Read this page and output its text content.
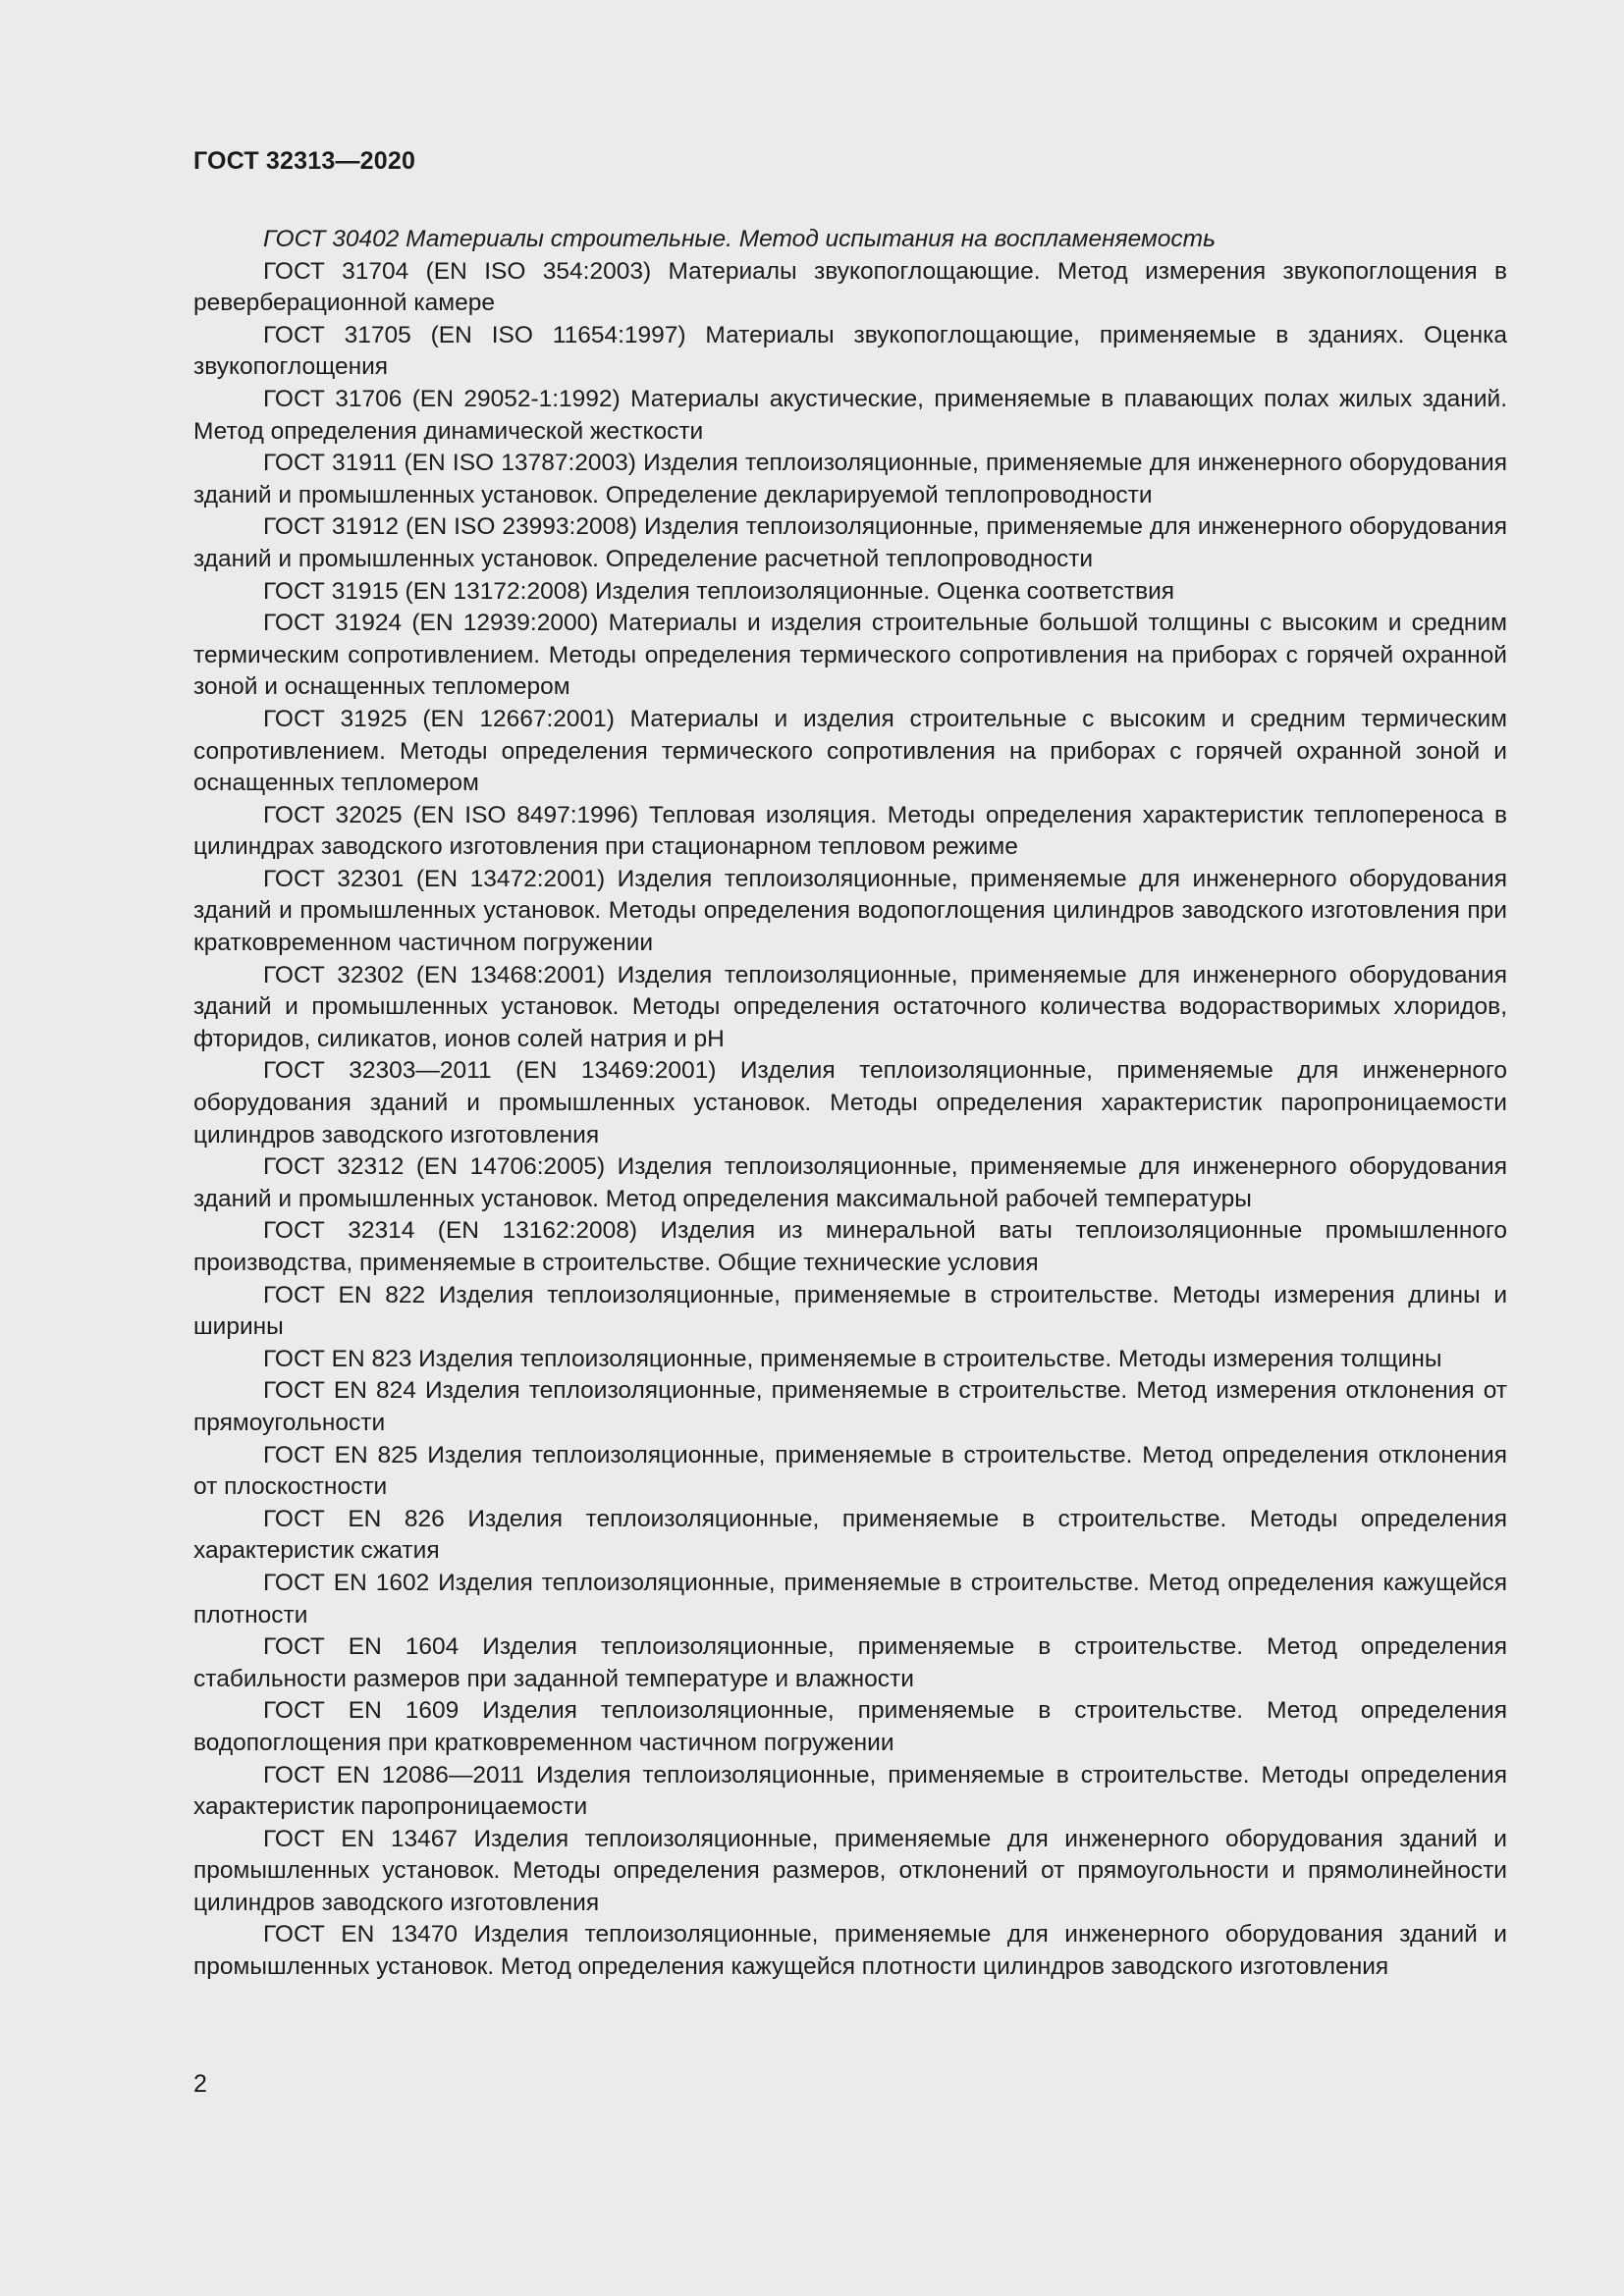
ГОСТ 32313—2020
ГОСТ 30402 Материалы строительные. Метод испытания на воспламеняемость
ГОСТ 31704 (EN ISO 354:2003) Материалы звукопоглощающие. Метод измерения звукопоглощения в реверберационной камере
ГОСТ 31705 (EN ISO 11654:1997) Материалы звукопоглощающие, применяемые в зданиях. Оценка звукопоглощения
ГОСТ 31706 (EN 29052-1:1992) Материалы акустические, применяемые в плавающих полах жилых зданий. Метод определения динамической жесткости
ГОСТ 31911 (EN ISO 13787:2003) Изделия теплоизоляционные, применяемые для инженерного оборудования зданий и промышленных установок. Определение декларируемой теплопроводности
ГОСТ 31912 (EN ISO 23993:2008) Изделия теплоизоляционные, применяемые для инженерного оборудования зданий и промышленных установок. Определение расчетной теплопроводности
ГОСТ 31915 (EN 13172:2008) Изделия теплоизоляционные. Оценка соответствия
ГОСТ 31924 (EN 12939:2000) Материалы и изделия строительные большой толщины с высоким и средним термическим сопротивлением. Методы определения термического сопротивления на приборах с горячей охранной зоной и оснащенных тепломером
ГОСТ 31925 (EN 12667:2001) Материалы и изделия строительные с высоким и средним термическим сопротивлением. Методы определения термического сопротивления на приборах с горячей охранной зоной и оснащенных тепломером
ГОСТ 32025 (EN ISO 8497:1996) Тепловая изоляция. Методы определения характеристик теплопереноса в цилиндрах заводского изготовления при стационарном тепловом режиме
ГОСТ 32301 (EN 13472:2001) Изделия теплоизоляционные, применяемые для инженерного оборудования зданий и промышленных установок. Методы определения водопоглощения цилиндров заводского изготовления при кратковременном частичном погружении
ГОСТ 32302 (EN 13468:2001) Изделия теплоизоляционные, применяемые для инженерного оборудования зданий и промышленных установок. Методы определения остаточного количества водорастворимых хлоридов, фторидов, силикатов, ионов солей натрия и pH
ГОСТ 32303—2011 (EN 13469:2001) Изделия теплоизоляционные, применяемые для инженерного оборудования зданий и промышленных установок. Методы определения характеристик паропроницаемости цилиндров заводского изготовления
ГОСТ 32312 (EN 14706:2005) Изделия теплоизоляционные, применяемые для инженерного оборудования зданий и промышленных установок. Метод определения максимальной рабочей температуры
ГОСТ 32314 (EN 13162:2008) Изделия из минеральной ваты теплоизоляционные промышленного производства, применяемые в строительстве. Общие технические условия
ГОСТ EN 822 Изделия теплоизоляционные, применяемые в строительстве. Методы измерения длины и ширины
ГОСТ EN 823 Изделия теплоизоляционные, применяемые в строительстве. Методы измерения толщины
ГОСТ EN 824 Изделия теплоизоляционные, применяемые в строительстве. Метод измерения отклонения от прямоугольности
ГОСТ EN 825 Изделия теплоизоляционные, применяемые в строительстве. Метод определения отклонения от плоскостности
ГОСТ EN 826 Изделия теплоизоляционные, применяемые в строительстве. Методы определения характеристик сжатия
ГОСТ EN 1602 Изделия теплоизоляционные, применяемые в строительстве. Метод определения кажущейся плотности
ГОСТ EN 1604 Изделия теплоизоляционные, применяемые в строительстве. Метод определения стабильности размеров при заданной температуре и влажности
ГОСТ EN 1609 Изделия теплоизоляционные, применяемые в строительстве. Метод определения водопоглощения при кратковременном частичном погружении
ГОСТ EN 12086—2011 Изделия теплоизоляционные, применяемые в строительстве. Методы определения характеристик паропроницаемости
ГОСТ EN 13467 Изделия теплоизоляционные, применяемые для инженерного оборудования зданий и промышленных установок. Методы определения размеров, отклонений от прямоугольности и прямолинейности цилиндров заводского изготовления
ГОСТ EN 13470 Изделия теплоизоляционные, применяемые для инженерного оборудования зданий и промышленных установок. Метод определения кажущейся плотности цилиндров заводского изготовления
2
